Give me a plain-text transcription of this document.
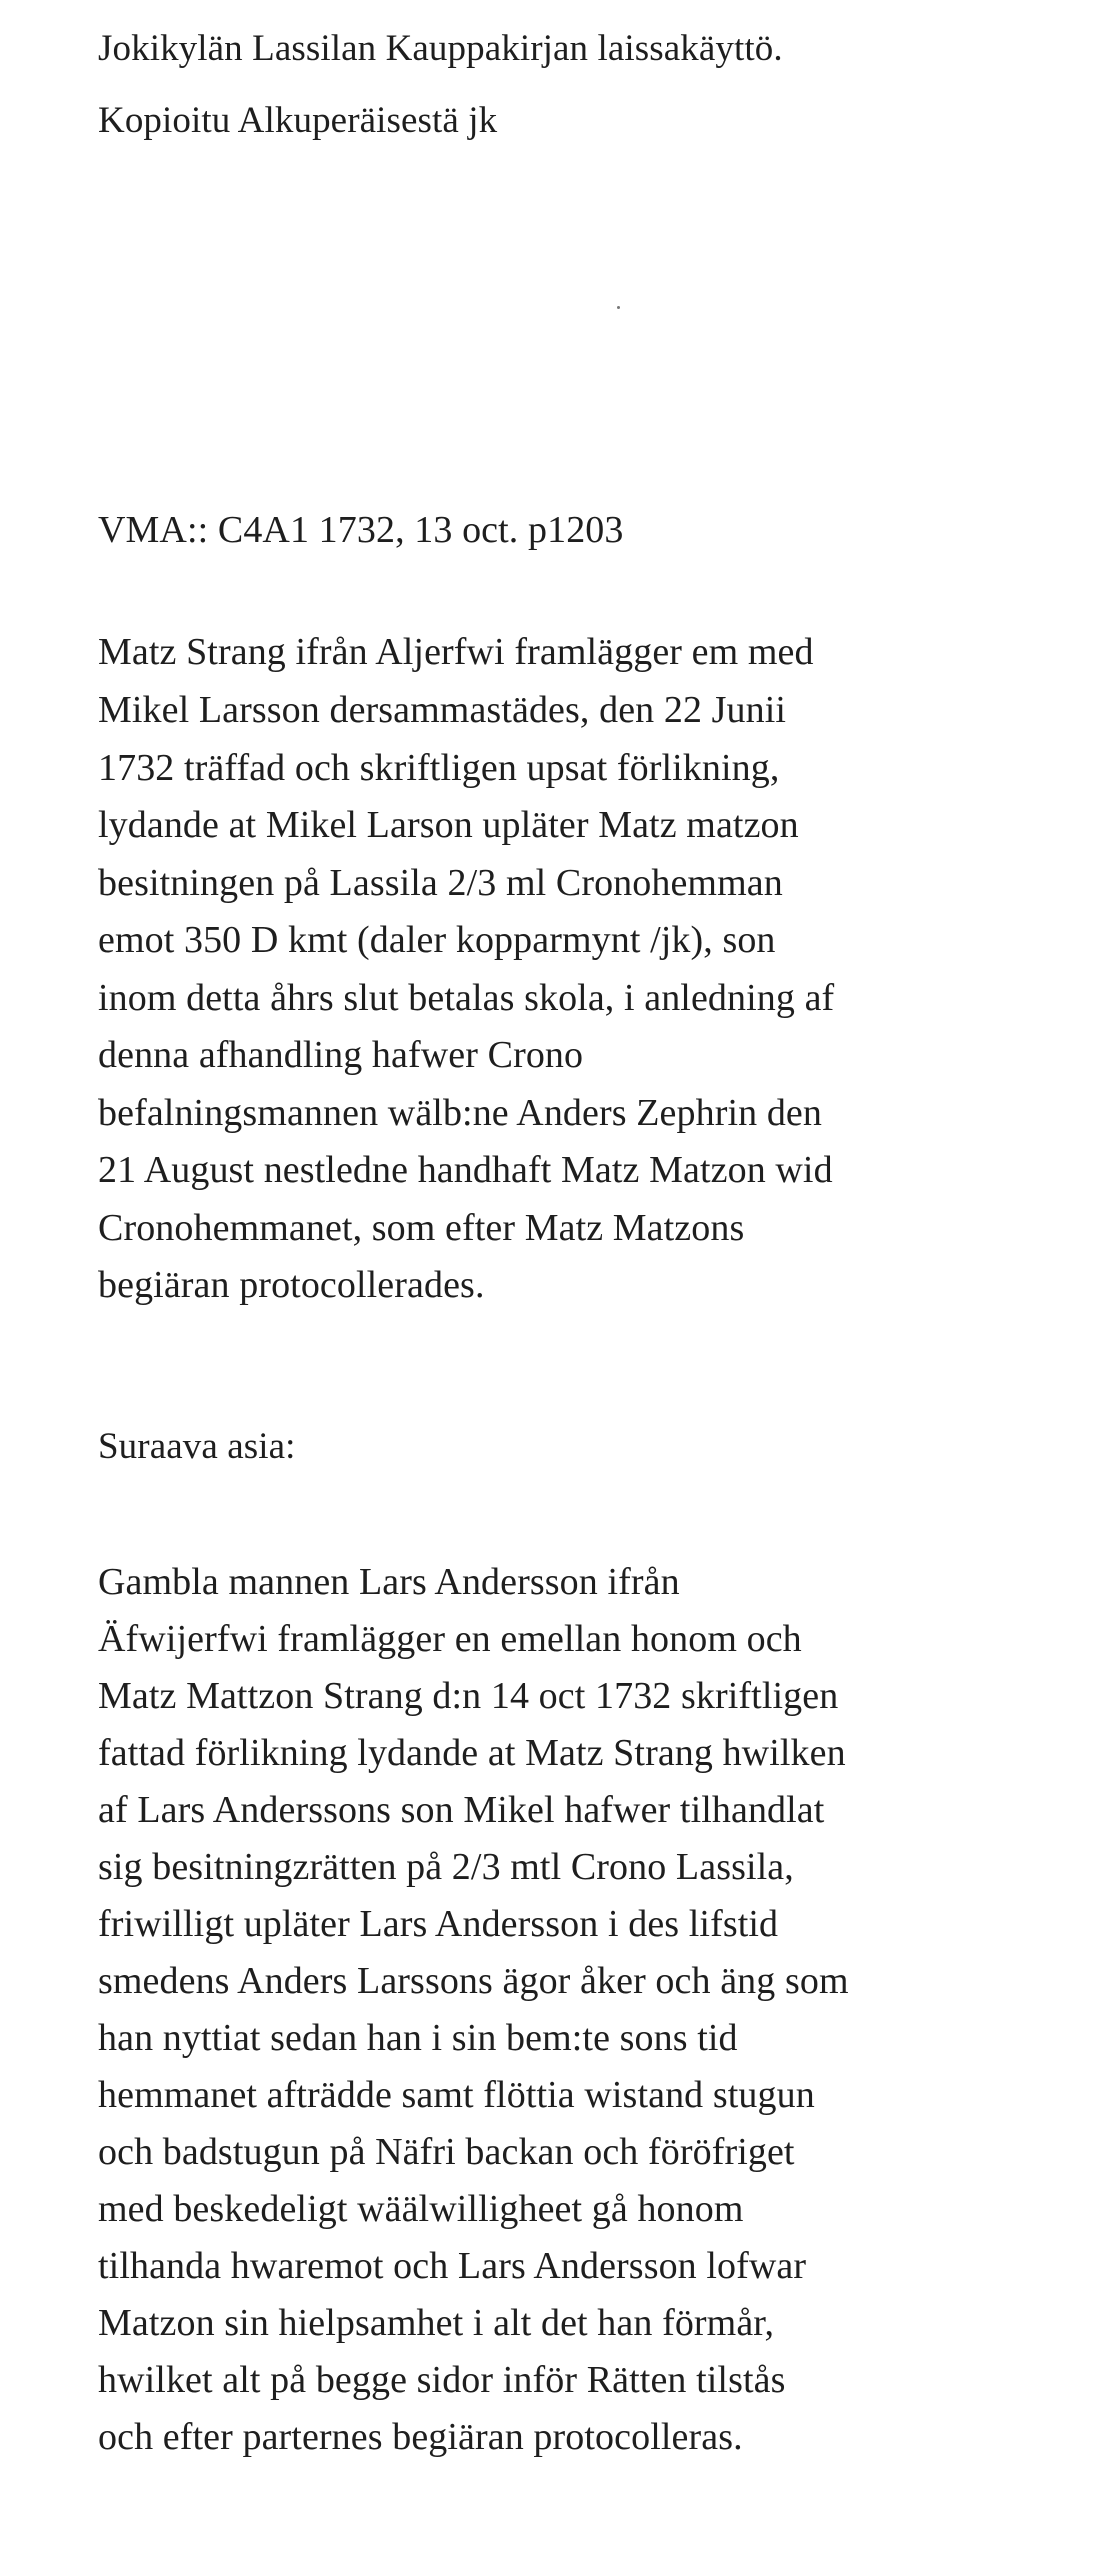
Jokikylän Lassilan Kauppakirjan laissakäyttö.

Kopioitu Alkuperäisestä jk

VMA:: C4A1 1732, 13 oct. p1203

Matz Strang ifrån Aljerfwi framlägger em med

Mikel Larsson dersammastädes, den 22 Junii

1732 träffad och skriftligen upsat förlikning,

lydande at Mikel Larson upläter Matz matzon

besitningen på Lassila 2/3 ml Cronohemman

emot 350 D kmt (daler kopparmynt /jk), son

inom detta åhrs slut betalas skola, i anledning af

denna afhandling hafwer Crono

befalningsmannen wälb:ne Anders Zephrin den

21 August nestledne handhaft Matz Matzon wid

Cronohemmanet, som efter Matz Matzons

begiäran protocollerades.

Suraava asia:

Gambla mannen Lars Andersson ifrån

Äfwijerfwi framlägger en emellan honom och

Matz Mattzon Strang d:n 14 oct 1732 skriftligen

fattad förlikning lydande at Matz Strang hwilken

af Lars Anderssons son Mikel hafwer tilhandlat

sig besitningzrätten på 2/3 mtl Crono Lassila,

friwilligt upläter Lars Andersson i des lifstid

smedens Anders Larssons ägor åker och äng som

han nyttiat sedan han i sin bem:te sons tid

hemmanet afträdde samt flöttia wistand stugun

och badstugun på Näfri backan och föröfriget

med beskedeligt wäälwilligheet gå honom

tilhanda hwaremot och Lars Andersson lofwar

Matzon sin hielpsamhet i alt det han förmår,

hwilket alt på begge sidor inför Rätten tilstås

och efter parternes begiäran protocolleras.
